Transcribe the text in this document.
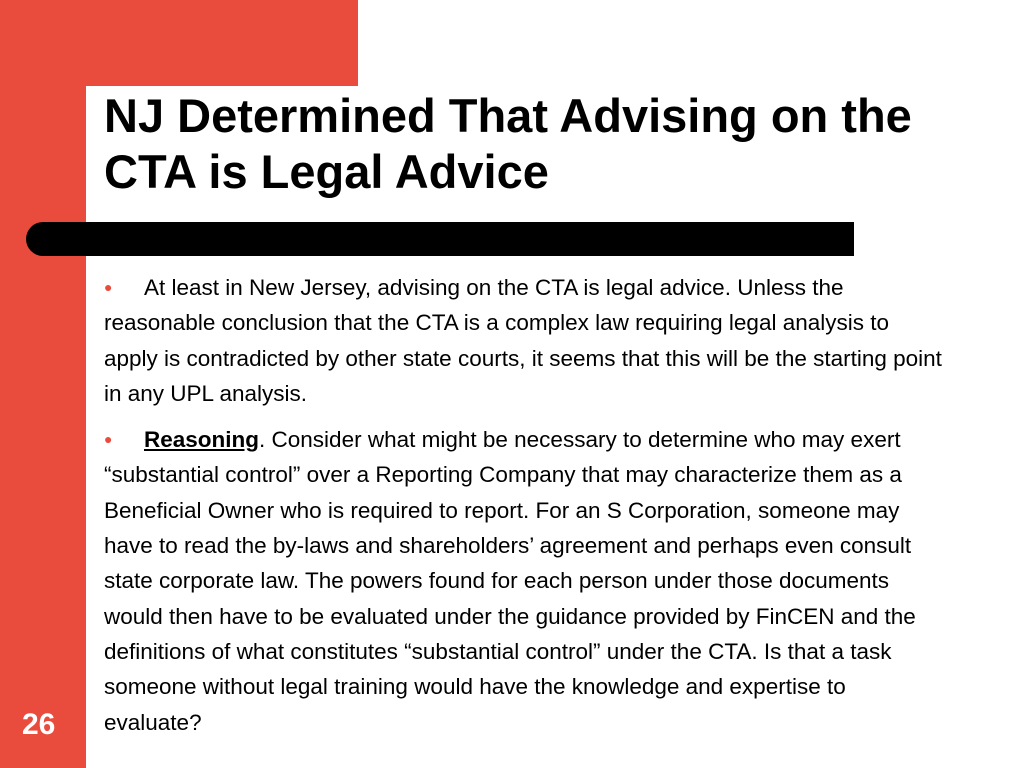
NJ Determined That Advising on the CTA is Legal Advice

● At least in New Jersey, advising on the CTA is legal advice. Unless the reasonable conclusion that the CTA is a complex law requiring legal analysis to apply is contradicted by other state courts, it seems that this will be the starting point in any UPL analysis.

● Reasoning. Consider what might be necessary to determine who may exert “substantial control” over a Reporting Company that may characterize them as a Beneficial Owner who is required to report. For an S Corporation, someone may have to read the by-laws and shareholders’ agreement and perhaps even consult state corporate law. The powers found for each person under those documents would then have to be evaluated under the guidance provided by FinCEN and the definitions of what constitutes “substantial control” under the CTA. Is that a task someone without legal training would have the knowledge and expertise to evaluate?

26
